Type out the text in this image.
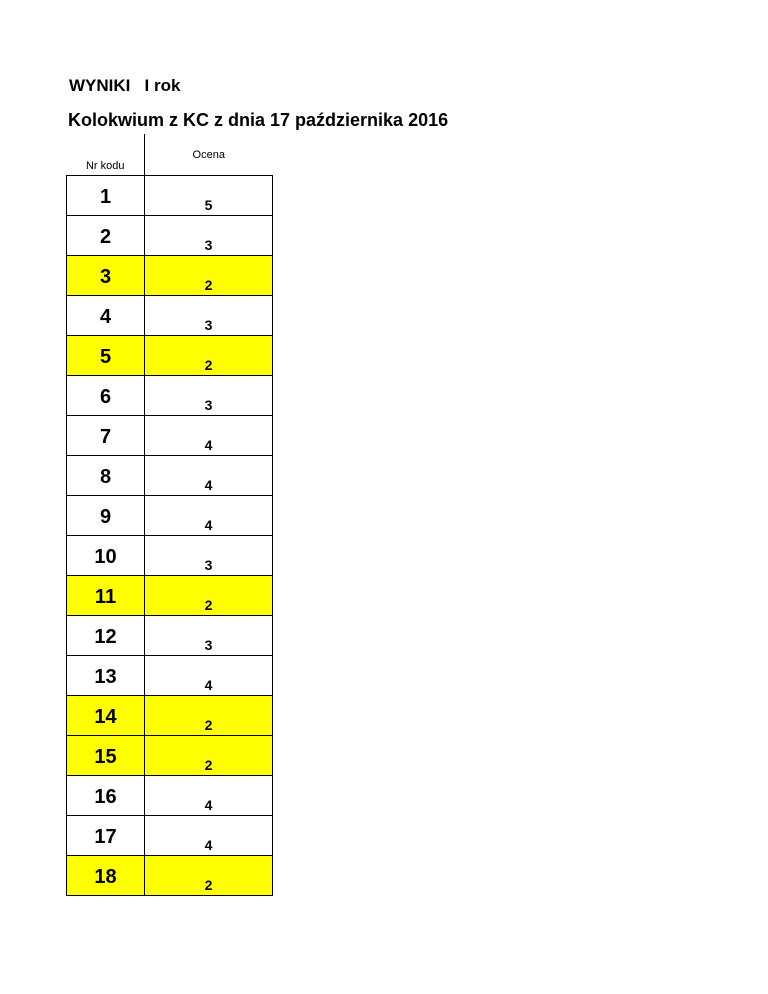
WYNIKI   I rok
Kolokwium z KC z dnia 17 października 2016
Nr kodu	Ocena
1	5
2	3
3	2
4	3
5	2
6	3
7	4
8	4
9	4
10	3
11	2
12	3
13	4
14	2
15	2
16	4
17	4
18	2
